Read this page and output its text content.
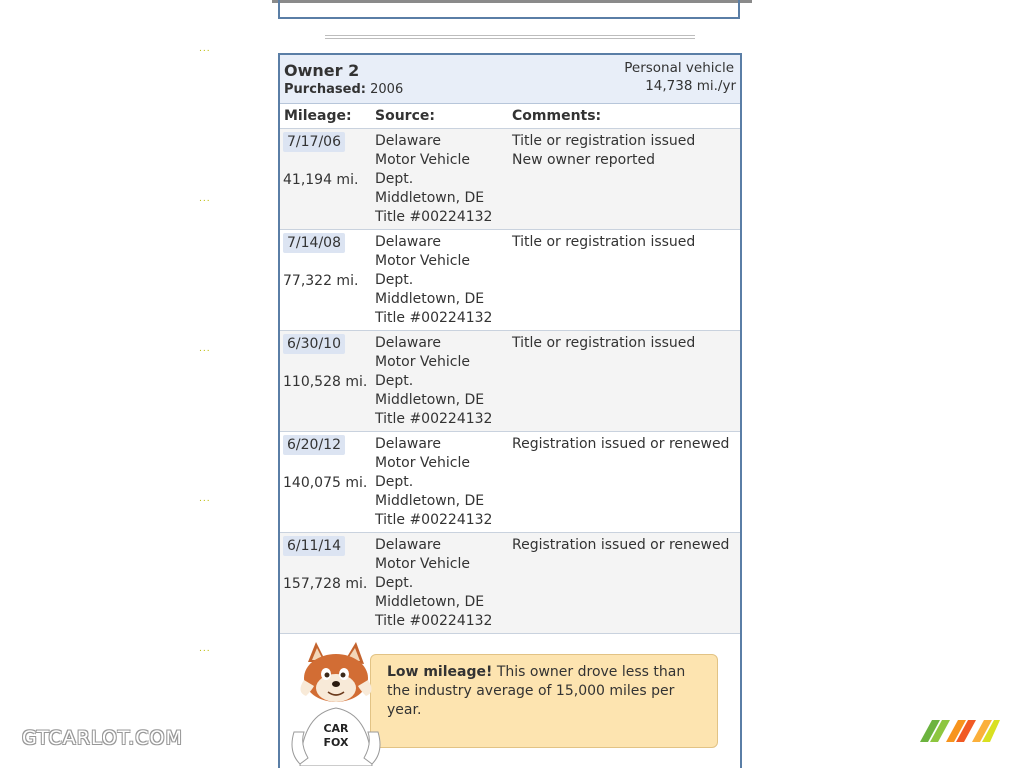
...
...
...
...
...
Owner 2
Purchased: 2006
Personal vehicle
14,738 mi./yr
Mileage: Source:	Comments:
7/17/06
41,194 mi.
Delaware
Motor Vehicle
Dept.
Middletown, DE
Title #00224132
Title or registration issued
New owner reported
7/14/08
77,322 mi.
Delaware
Motor Vehicle
Dept.
Middletown, DE
Title #00224132
Title or registration issued
6/30/10
110,528 mi.
Delaware
Motor Vehicle
Dept.
Middletown, DE
Title #00224132
Title or registration issued
6/20/12
140,075 mi.
Delaware
Motor Vehicle
Dept.
Middletown, DE
Title #00224132
Registration issued or renewed
6/11/14
157,728 mi.
Delaware
Motor Vehicle
Dept.
Middletown, DE
Title #00224132
Registration issued or renewed
Low mileage! This owner drove less than the industry average of 15,000 miles per year.
CAR
FOX
GTCARLOT.COM
